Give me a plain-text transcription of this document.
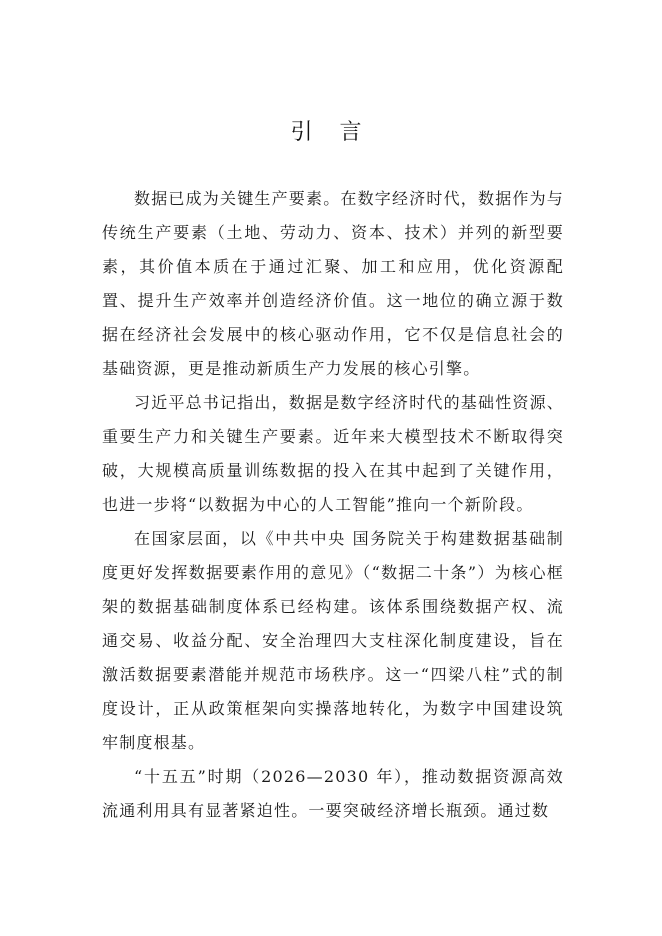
引 言

数据已成为关键生产要素。在数字经济时代，数据作为与传统生产要素（土地、劳动力、资本、技术）并列的新型要素，其价值本质在于通过汇聚、加工和应用，优化资源配置、提升生产效率并创造经济价值。这一地位的确立源于数据在经济社会发展中的核心驱动作用，它不仅是信息社会的基础资源，更是推动新质生产力发展的核心引擎。

习近平总书记指出，数据是数字经济时代的基础性资源、重要生产力和关键生产要素。近年来大模型技术不断取得突破，大规模高质量训练数据的投入在其中起到了关键作用，也进一步将“以数据为中心的人工智能”推向一个新阶段。

在国家层面，以《中共中央 国务院关于构建数据基础制度更好发挥数据要素作用的意见》（“数据二十条”）为核心框架的数据基础制度体系已经构建。该体系围绕数据产权、流通交易、收益分配、安全治理四大支柱深化制度建设，旨在激活数据要素潜能并规范市场秩序。这一“四梁八柱”式的制度设计，正从政策框架向实操落地转化，为数字中国建设筑牢制度根基。

“十五五”时期（2026—2030 年），推动数据资源高效流通利用具有显著紧迫性。一要突破经济增长瓶颈。通过数
